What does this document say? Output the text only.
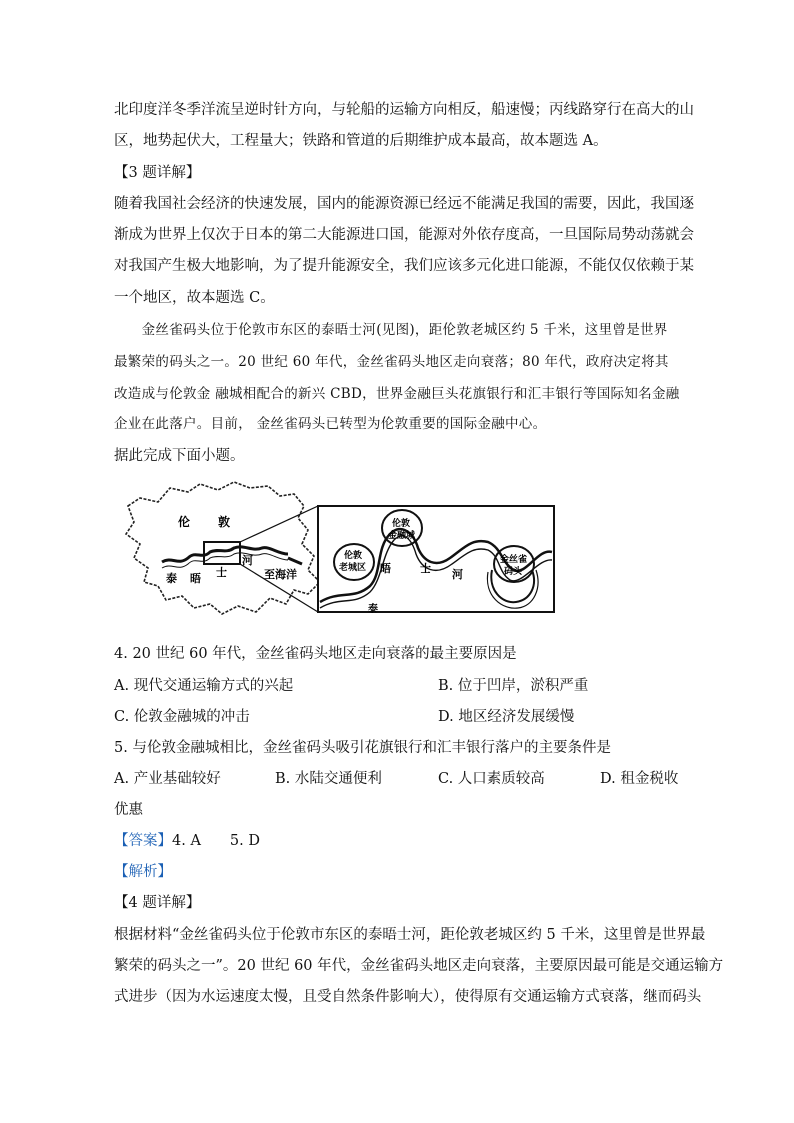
北印度洋冬季洋流呈逆时针方向，与轮船的运输方向相反，船速慢；丙线路穿行在高大的山
区，地势起伏大，工程量大；铁路和管道的后期维护成本最高，故本题选 A。
【3 题详解】
随着我国社会经济的快速发展，国内的能源资源已经远不能满足我国的需要，因此，我国逐
渐成为世界上仅次于日本的第二大能源进口国，能源对外依存度高，一旦国际局势动荡就会
对我国产生极大地影响，为了提升能源安全，我们应该多元化进口能源，不能仅仅依赖于某
一个地区，故本题选 C。
　　金丝雀码头位于伦敦市东区的泰晤士河(见图)，距伦敦老城区约 5 千米，这里曾是世界
最繁荣的码头之一。20 世纪 60 年代，金丝雀码头地区走向衰落；80 年代，政府决定将其
改造成与伦敦金 融城相配合的新兴 CBD，世界金融巨头花旗银行和汇丰银行等国际知名金融
企业在此落户。目前， 金丝雀码头已转型为伦敦重要的国际金融中心。
据此完成下面小题。
伦 敦
泰 晤 士
河
至海洋
伦敦
老城区
伦敦
金融城
金丝雀
码头
泰
晤	士 河
4. 20 世纪 60 年代，金丝雀码头地区走向衰落的最主要原因是
A. 现代交通运输方式的兴起	B. 位于凹岸，淤积严重
C. 伦敦金融城的冲击	D. 地区经济发展缓慢
5. 与伦敦金融城相比，金丝雀码头吸引花旗银行和汇丰银行落户的主要条件是
A. 产业基础较好	B. 水陆交通便利	C. 人口素质较高	D. 租金税收
优惠
【答案】4. A　　5. D
【解析】
【4 题详解】
根据材料“金丝雀码头位于伦敦市东区的泰晤士河，距伦敦老城区约 5 千米，这里曾是世界最
繁荣的码头之一”。20 世纪 60 年代，金丝雀码头地区走向衰落，主要原因最可能是交通运输方
式进步（因为水运速度太慢，且受自然条件影响大），使得原有交通运输方式衰落，继而码头
